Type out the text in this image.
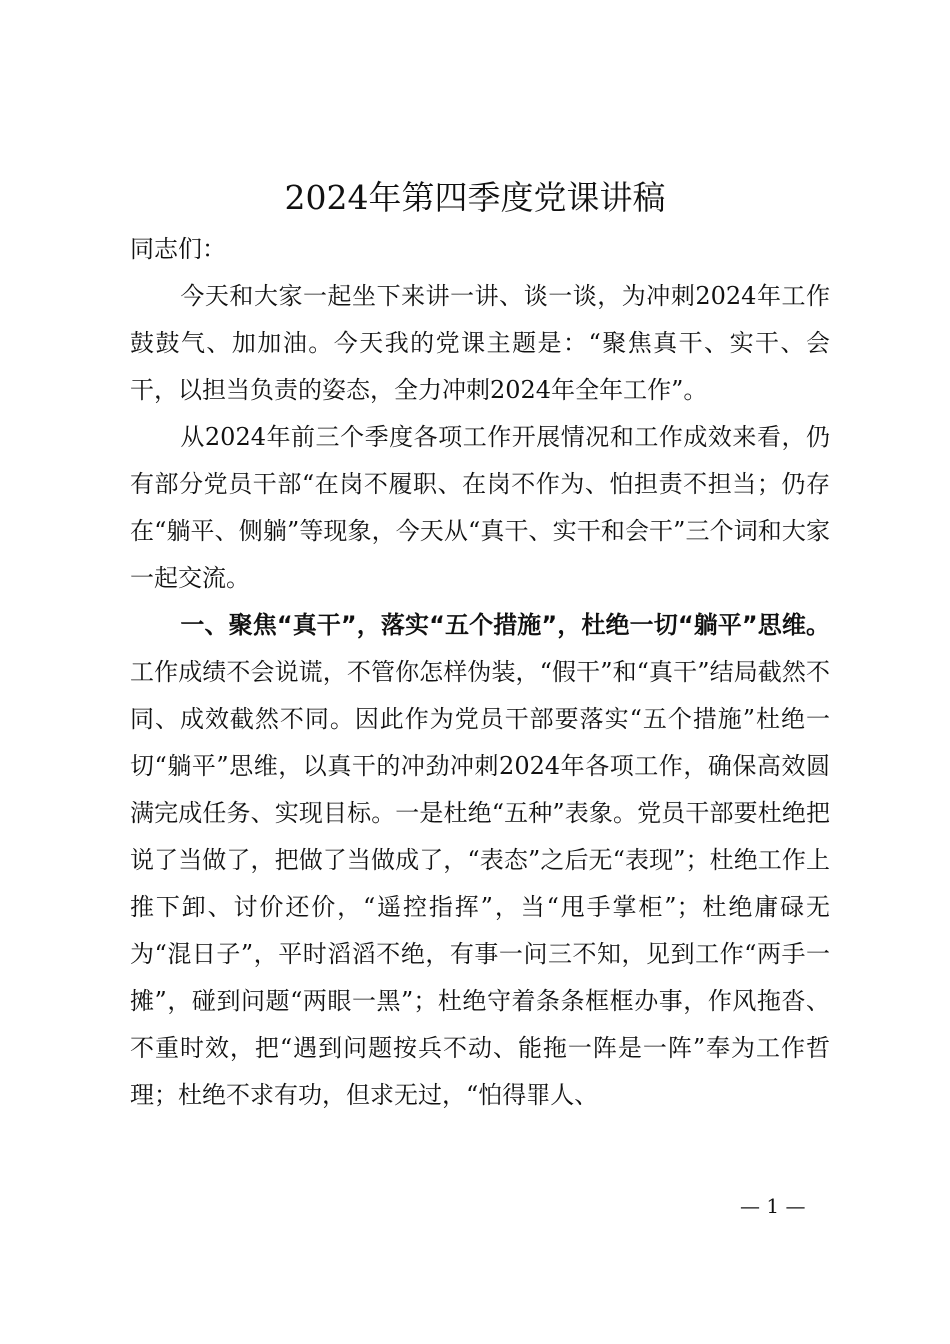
2024年第四季度党课讲稿

同志们：

今天和大家一起坐下来讲一讲、谈一谈，为冲刺2024年工作鼓鼓气、加加油。今天我的党课主题是：“聚焦真干、实干、会干，以担当负责的姿态，全力冲刺2024年全年工作”。

从2024年前三个季度各项工作开展情况和工作成效来看，仍有部分党员干部“在岗不履职、在岗不作为、怕担责不担当；仍存在“躺平、侧躺”等现象，今天从“真干、实干和会干”三个词和大家一起交流。

一、聚焦“真干”，落实“五个措施”，杜绝一切“躺平”思维。工作成绩不会说谎，不管你怎样伪装，“假干”和“真干”结局截然不同、成效截然不同。因此作为党员干部要落实“五个措施”杜绝一切“躺平”思维，以真干的冲劲冲刺2024年各项工作，确保高效圆满完成任务、实现目标。一是杜绝“五种”表象。党员干部要杜绝把说了当做了，把做了当做成了，“表态”之后无“表现”；杜绝工作上推下卸、讨价还价，“遥控指挥”，当“甩手掌柜”；杜绝庸碌无为“混日子”，平时滔滔不绝，有事一问三不知，见到工作“两手一摊”，碰到问题“两眼一黑”；杜绝守着条条框框办事，作风拖沓、不重时效，把“遇到问题按兵不动、能拖一阵是一阵”奉为工作哲理；杜绝不求有功，但求无过，“怕得罪人、

— 1 —
